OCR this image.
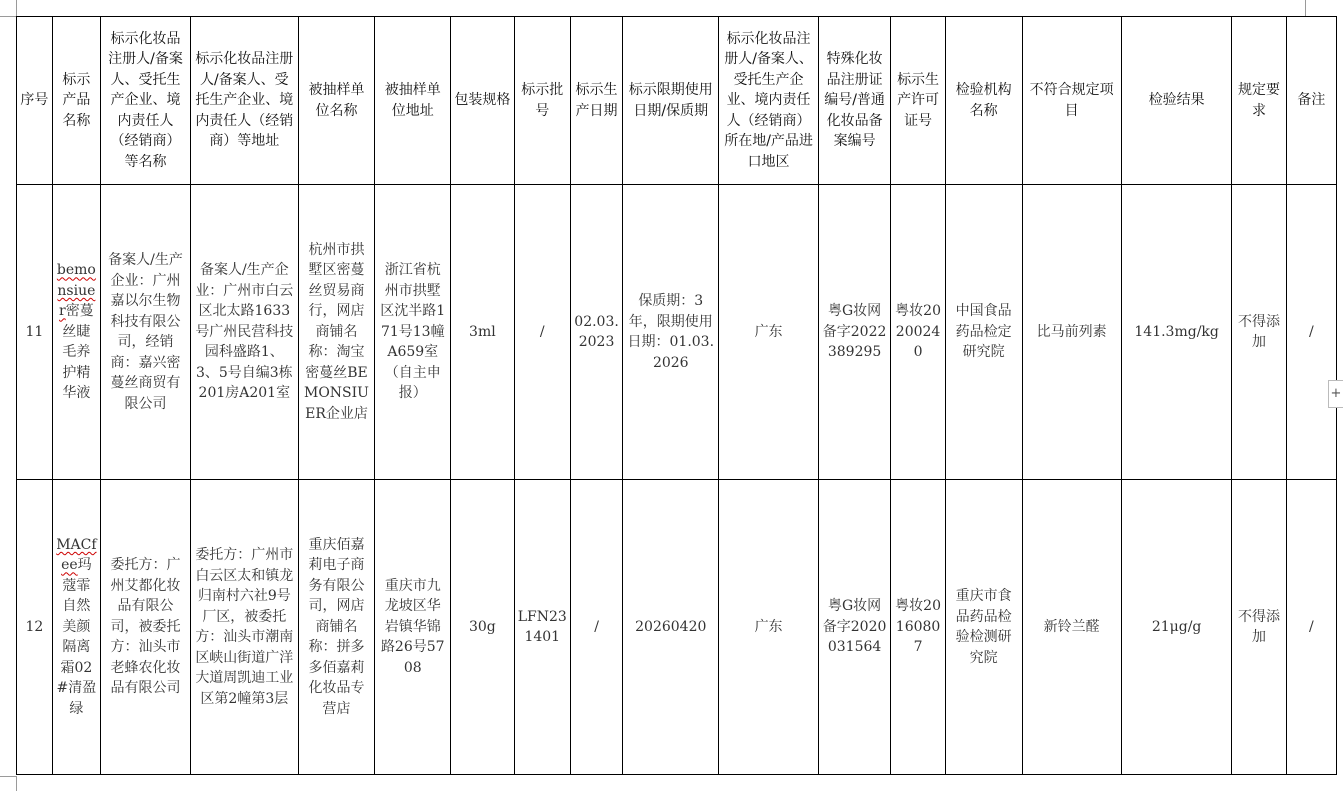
序号	标示产品名称	标示化妆品注册人/备案人、受托生产企业、境内责任人（经销商）等名称	标示化妆品注册人/备案人、受托生产企业、境内责任人（经销商）等地址	被抽样单位名称	被抽样单位地址	包装规格	标示批号	标示生产日期	标示限期使用日期/保质期	标示化妆品注册人/备案人、受托生产企业、境内责任人（经销商）所在地/产品进口地区	特殊化妆品注册证编号/普通化妆品备案编号	标示生产许可证号	检验机构名称	不符合规定项目	检验结果	规定要求	备注
11	bemonsiuer密蔓丝睫毛养护精华液	备案人/生产企业：广州嘉以尔生物科技有限公司，经销商：嘉兴密蔓丝商贸有限公司	备案人/生产企业：广州市白云区北太路1633号广州民营科技园科盛路1、3、5号自编3栋201房A201室	杭州市拱墅区密蔓丝贸易商行，网店商铺名称：淘宝密蔓丝BEMONSIUER企业店	浙江省杭州市拱墅区沈半路171号13幢A659室（自主申报）	3ml	/	02.03.2023	保质期：3年，限期使用日期：01.03.2026	广东	粤G妆网备字2022389295	粤妆20200240	中国食品药品检定研究院	比马前列素	141.3mg/kg	不得添加	/
12	MACfee玛蔻霏自然美颜隔离霜02#清盈绿	委托方：广州艾都化妆品有限公司，被委托方：汕头市老蜂农化妆品有限公司	委托方：广州市白云区太和镇龙归南村六社9号厂区，被委托方：汕头市潮南区峡山街道广洋大道周凯迪工业区第2幢第3层	重庆佰嘉莉电子商务有限公司，网店商铺名称：拼多多佰嘉莉化妆品专营店	重庆市九龙坡区华岩镇华锦路26号5708	30g	LFN231401	/	20260420	广东	粤G妆网备字2020031564	粤妆20160807	重庆市食品药品检验检测研究院	新铃兰醛	21μg/g	不得添加	/
+
